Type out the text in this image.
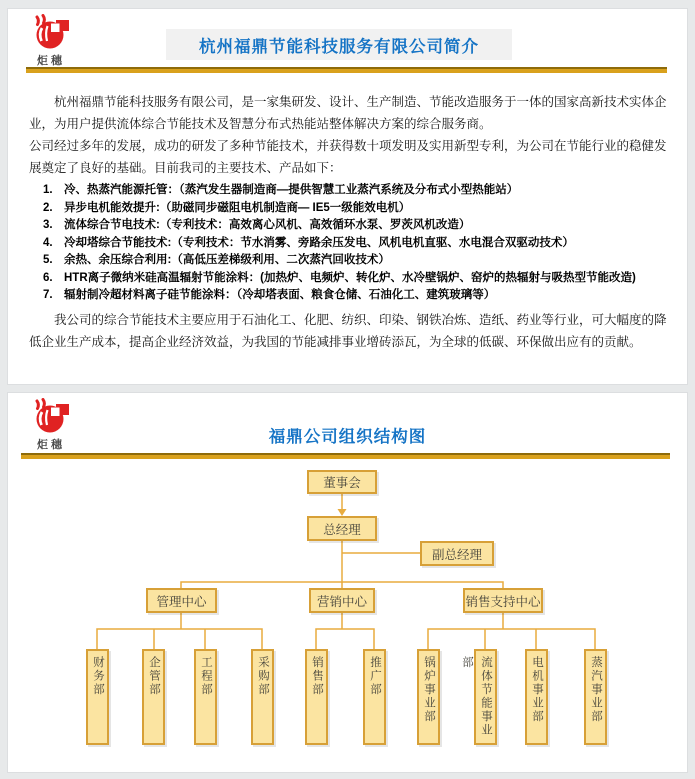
炬穗
杭州福鼎节能科技服务有限公司简介

杭州福鼎节能科技服务有限公司，是一家集研发、设计、生产制造、节能改造服务于一体的国家高新技术实体企业，为用户提供流体综合节能技术及智慧分布式热能站整体解决方案的综合服务商。

公司经过多年的发展，成功的研发了多种节能技术，并获得数十项发明及实用新型专利，为公司在节能行业的稳健发展奠定了良好的基础。目前我司的主要技术、产品如下：

1. 冷、热蒸汽能源托管：（蒸汽发生器制造商—提供智慧工业蒸汽系统及分布式小型热能站）
2. 异步电机能效提升:（助磁同步磁阻电机制造商— IE5一级能效电机）
3. 流体综合节电技术:（专利技术：高效离心风机、高效循环水泵、罗茨风机改造）
4. 冷却塔综合节能技术:（专利技术：节水消雾、旁路余压发电、风机电机直驱、水电混合双驱动技术）
5. 余热、余压综合利用:（高低压差梯级利用、二次蒸汽回收技术）
6. HTR离子微纳米硅高温辐射节能涂料：(加热炉、电频炉、转化炉、水冷壁锅炉、窑炉的热辐射与吸热型节能改造)
7. 辐射制冷超材料离子硅节能涂料：（冷却塔表面、粮食仓储、石油化工、建筑玻璃等）

我公司的综合节能技术主要应用于石油化工、化肥、纺织、印染、钢铁冶炼、造纸、药业等行业，可大幅度的降低企业生产成本，提高企业经济效益，为我国的节能减排事业增砖添瓦，为全球的低碳、环保做出应有的贡献。

炬穗	福鼎公司组织结构图
董事会
总经理
副总经理
管理中心	营销中心	销售支持中心
财务部	企管部	工程部	采购部	销售部	推广部	锅炉事业部	流体节能事业部	电机事业部	蒸汽事业部
